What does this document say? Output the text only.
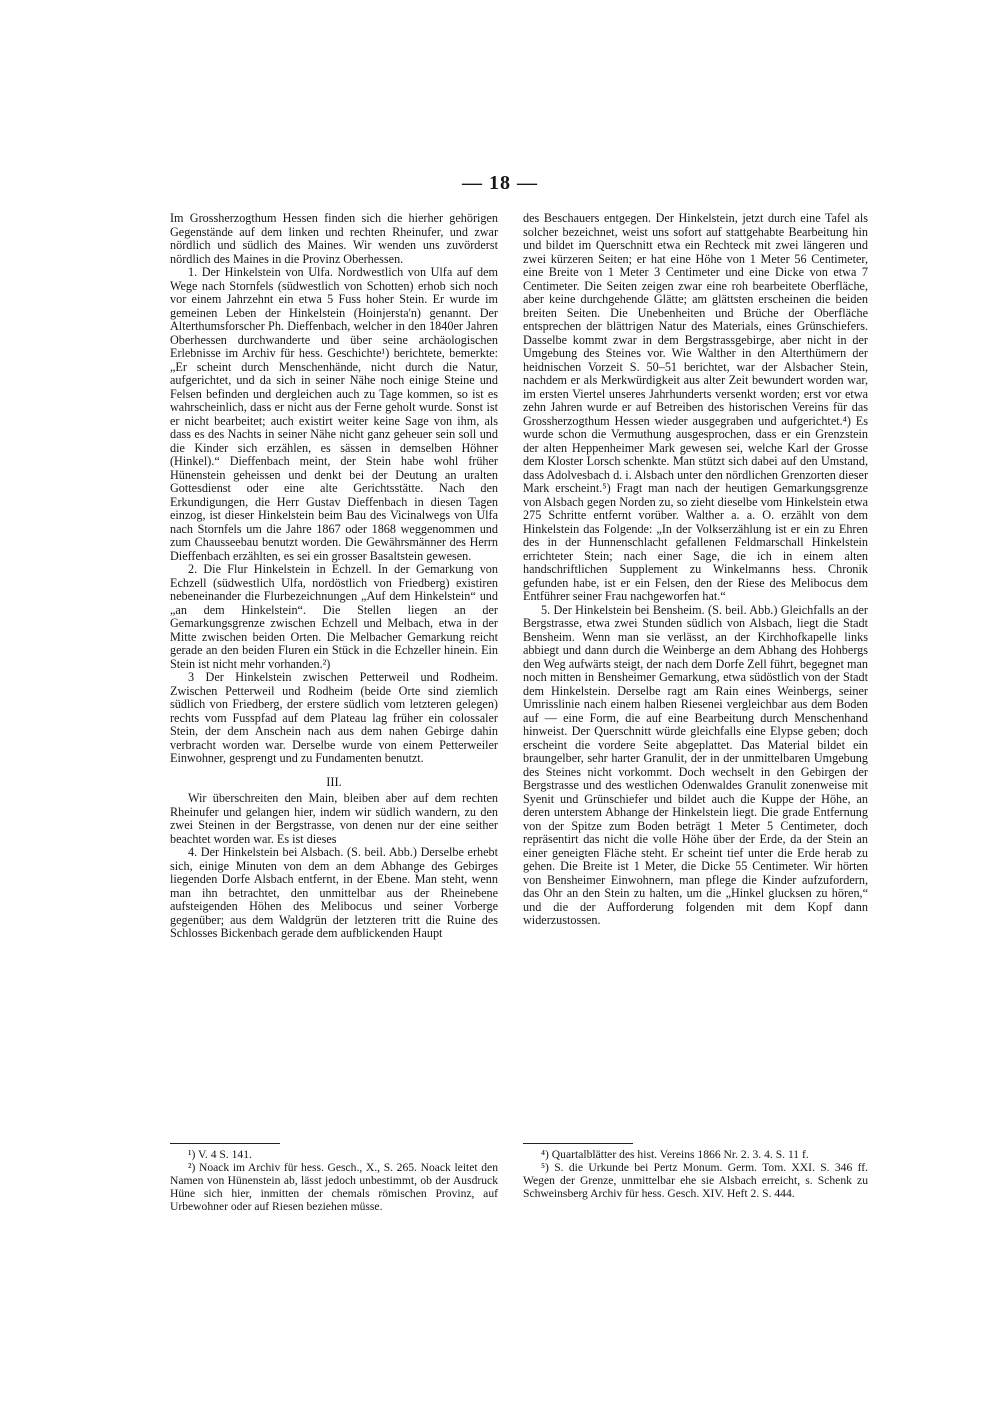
— 18 —

Im Grossherzogthum Hessen finden sich die hierher gehörigen Gegenstände auf dem linken und rechten Rheinufer, und zwar nördlich und südlich des Maines. Wir wenden uns zuvörderst nördlich des Maines in die Provinz Oberhessen.

1. Der Hinkelstein von Ulfa. Nordwestlich von Ulfa auf dem Wege nach Stornfels (südwestlich von Schotten) erhob sich noch vor einem Jahrzehnt ein etwa 5 Fuss hoher Stein. Er wurde im gemeinen Leben der Hinkelstein (Hoinjersta'n) genannt. Der Alterthumsforscher Ph. Dieffenbach, welcher in den 1840er Jahren Oberhessen durchwanderte und über seine archäologischen Erlebnisse im Archiv für hess. Geschichte¹) berichtete, bemerkte: „Er scheint durch Menschenhände, nicht durch die Natur, aufgerichtet, und da sich in seiner Nähe noch einige Steine und Felsen befinden und dergleichen auch zu Tage kommen, so ist es wahrscheinlich, dass er nicht aus der Ferne geholt wurde. Sonst ist er nicht bearbeitet; auch existirt weiter keine Sage von ihm, als dass es des Nachts in seiner Nähe nicht ganz geheuer sein soll und die Kinder sich erzählen, es sässen in demselben Höhner (Hinkel).“ Dieffenbach meint, der Stein habe wohl früher Hünenstein geheissen und denkt bei der Deutung an uralten Gottesdienst oder eine alte Gerichtsstätte. Nach den Erkundigungen, die Herr Gustav Dieffenbach in diesen Tagen einzog, ist dieser Hinkelstein beim Bau des Vicinalwegs von Ulfa nach Stornfels um die Jahre 1867 oder 1868 weggenommen und zum Chausseebau benutzt worden. Die Gewährsmänner des Herrn Dieffenbach erzählten, es sei ein grosser Basaltstein gewesen.

2. Die Flur Hinkelstein in Echzell. In der Gemarkung von Echzell (südwestlich Ulfa, nordöstlich von Friedberg) existiren nebeneinander die Flurbezeichnungen „Auf dem Hinkelstein“ und „an dem Hinkelstein“. Die Stellen liegen an der Gemarkungsgrenze zwischen Echzell und Melbach, etwa in der Mitte zwischen beiden Orten. Die Melbacher Gemarkung reicht gerade an den beiden Fluren ein Stück in die Echzeller hinein. Ein Stein ist nicht mehr vorhanden.²)

3 Der Hinkelstein zwischen Petterweil und Rodheim. Zwischen Petterweil und Rodheim (beide Orte sind ziemlich südlich von Friedberg, der erstere südlich vom letzteren gelegen) rechts vom Fusspfad auf dem Plateau lag früher ein colossaler Stein, der dem Anschein nach aus dem nahen Gebirge dahin verbracht worden war. Derselbe wurde von einem Petterweiler Einwohner, gesprengt und zu Fundamenten benutzt.

III.

Wir überschreiten den Main, bleiben aber auf dem rechten Rheinufer und gelangen hier, indem wir südlich wandern, zu den zwei Steinen in der Bergstrasse, von denen nur der eine seither beachtet worden war. Es ist dieses

4. Der Hinkelstein bei Alsbach. (S. beil. Abb.) Derselbe erhebt sich, einige Minuten von dem an dem Abhange des Gebirges liegenden Dorfe Alsbach entfernt, in der Ebene. Man steht, wenn man ihn betrachtet, den unmittelbar aus der Rheinebene aufsteigenden Höhen des Melibocus und seiner Vorberge gegenüber; aus dem Waldgrün der letzteren tritt die Ruine des Schlosses Bickenbach gerade dem aufblickenden Haupt

des Beschauers entgegen. Der Hinkelstein, jetzt durch eine Tafel als solcher bezeichnet, weist uns sofort auf stattgehabte Bearbeitung hin und bildet im Querschnitt etwa ein Rechteck mit zwei längeren und zwei kürzeren Seiten; er hat eine Höhe von 1 Meter 56 Centimeter, eine Breite von 1 Meter 3 Centimeter und eine Dicke von etwa 7 Centimeter. Die Seiten zeigen zwar eine roh bearbeitete Oberfläche, aber keine durchgehende Glätte; am glättsten erscheinen die beiden breiten Seiten. Die Unebenheiten und Brüche der Oberfläche entsprechen der blättrigen Natur des Materials, eines Grünschiefers. Dasselbe kommt zwar in dem Bergstrassgebirge, aber nicht in der Umgebung des Steines vor. Wie Walther in den Alterthümern der heidnischen Vorzeit S. 50–51 berichtet, war der Alsbacher Stein, nachdem er als Merkwürdigkeit aus alter Zeit bewundert worden war, im ersten Viertel unseres Jahrhunderts versenkt worden; erst vor etwa zehn Jahren wurde er auf Betreiben des historischen Vereins für das Grossherzogthum Hessen wieder ausgegraben und aufgerichtet.⁴) Es wurde schon die Vermuthung ausgesprochen, dass er ein Grenzstein der alten Heppenheimer Mark gewesen sei, welche Karl der Grosse dem Kloster Lorsch schenkte. Man stützt sich dabei auf den Umstand, dass Adolvesbach d. i. Alsbach unter den nördlichen Grenzorten dieser Mark erscheint.⁵) Fragt man nach der heutigen Gemarkungsgrenze von Alsbach gegen Norden zu, so zieht dieselbe vom Hinkelstein etwa 275 Schritte entfernt vorüber. Walther a. a. O. erzählt von dem Hinkelstein das Folgende: „In der Volkserzählung ist er ein zu Ehren des in der Hunnenschlacht gefallenen Feldmarschall Hinkelstein errichteter Stein; nach einer Sage, die ich in einem alten handschriftlichen Supplement zu Winkelmanns hess. Chronik gefunden habe, ist er ein Felsen, den der Riese des Melibocus dem Entführer seiner Frau nachgeworfen hat.“

5. Der Hinkelstein bei Bensheim. (S. beil. Abb.) Gleichfalls an der Bergstrasse, etwa zwei Stunden südlich von Alsbach, liegt die Stadt Bensheim. Wenn man sie verlässt, an der Kirchhofkapelle links abbiegt und dann durch die Weinberge an dem Abhang des Hohbergs den Weg aufwärts steigt, der nach dem Dorfe Zell führt, begegnet man noch mitten in Bensheimer Gemarkung, etwa südöstlich von der Stadt dem Hinkelstein. Derselbe ragt am Rain eines Weinbergs, seiner Umrisslinie nach einem halben Riesenei vergleichbar aus dem Boden auf — eine Form, die auf eine Bearbeitung durch Menschenhand hinweist. Der Querschnitt würde gleichfalls eine Elypse geben; doch erscheint die vordere Seite abgeplattet. Das Material bildet ein braungelber, sehr harter Granulit, der in der unmittelbaren Umgebung des Steines nicht vorkommt. Doch wechselt in den Gebirgen der Bergstrasse und des westlichen Odenwaldes Granulit zonenweise mit Syenit und Grünschiefer und bildet auch die Kuppe der Höhe, an deren unterstem Abhange der Hinkelstein liegt. Die grade Entfernung von der Spitze zum Boden beträgt 1 Meter 5 Centimeter, doch repräsentirt das nicht die volle Höhe über der Erde, da der Stein an einer geneigten Fläche steht. Er scheint tief unter die Erde herab zu gehen. Die Breite ist 1 Meter, die Dicke 55 Centimeter. Wir hörten von Bensheimer Einwohnern, man pflege die Kinder aufzufordern, das Ohr an den Stein zu halten, um die „Hinkel glucksen zu hören,“ und die der Aufforderung folgenden mit dem Kopf dann widerzustossen.

¹) V. 4 S. 141.

²) Noack im Archiv für hess. Gesch., X., S. 265. Noack leitet den Namen von Hünenstein ab, lässt jedoch unbestimmt, ob der Ausdruck Hüne sich hier, inmitten der chemals römischen Provinz, auf Urbewohner oder auf Riesen beziehen müsse.

⁴) Quartalblätter des hist. Vereins 1866 Nr. 2. 3. 4. S. 11 f.

⁵) S. die Urkunde bei Pertz Monum. Germ. Tom. XXI. S. 346 ff. Wegen der Grenze, unmittelbar ehe sie Alsbach erreicht, s. Schenk zu Schweinsberg Archiv für hess. Gesch. XIV. Heft 2. S. 444.
